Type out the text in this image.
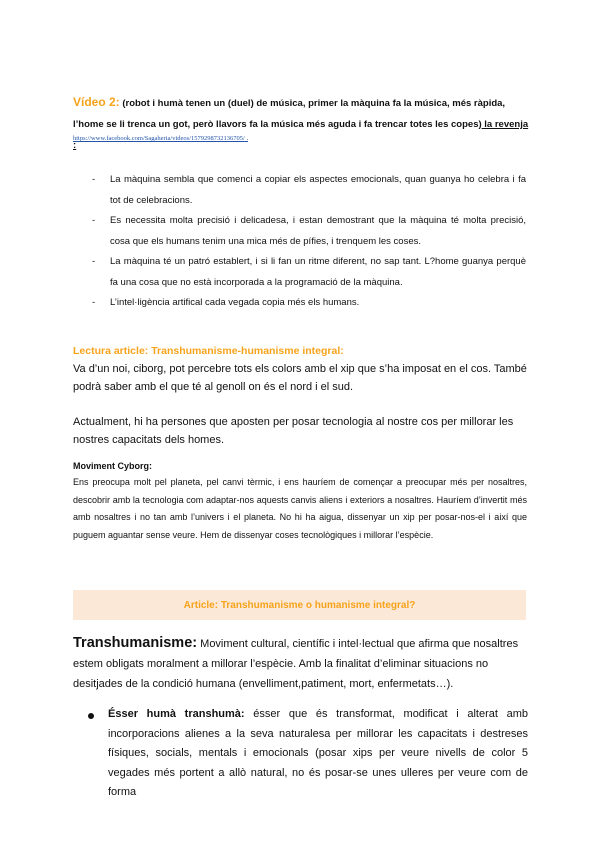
Vídeo 2: (robot i humà tenen un (duel) de música, primer la màquina fa la música, més ràpida, l’home se li trenca un got, però llavors fa la música més aguda i fa trencar totes les copes) la revenja :
https://www.facebook.com/Sagaheria/videos/1579298732136705/ .
- La màquina sembla que comenci a copiar els aspectes emocionals, quan guanya ho celebra i fa tot de celebracions.
- Es necessita molta precisió i delicadesa, i estan demostrant que la màquina té molta precisió, cosa que els humans tenim una mica més de pífies, i trenquem les coses.
- La màquina té un patró establert, i si li fan un ritme diferent, no sap tant. L?home guanya perquè fa una cosa que no està incorporada a la programació de la màquina.
- L’intel·ligència artifical cada vegada copia més els humans.
Lectura article: Transhumanisme-humanisme integral:
Va d’un noi, ciborg, pot percebre tots els colors amb el xip que s’ha imposat en el cos. També podrà saber amb el que té al genoll on és el nord i el sud.
Actualment, hi ha persones que aposten per posar tecnologia al nostre cos per millorar les nostres capacitats dels homes.
Moviment Cyborg:
Ens preocupa molt pel planeta, pel canvi tèrmic, i ens hauríem de començar a preocupar més per nosaltres, descobrir amb la tecnologia com adaptar-nos aquests canvis aliens i exteriors a nosaltres. Hauríem d’invertit més amb nosaltres i no tan amb l’univers i el planeta. No hi ha aigua, dissenyar un xip per posar-nos-el i així que puguem aguantar sense veure. Hem de dissenyar coses tecnològiques i millorar l’espècie.
Article: Transhumanisme o humanisme integral?
Transhumanisme: Moviment cultural, científic i intel·lectual que afirma que nosaltres estem obligats moralment a millorar l’espècie. Amb la finalitat d’eliminar situacions no desitjades de la condició humana (envelliment,patiment, mort, enfermetats…).
Ésser humà transhumà: ésser que és transformat, modificat i alterat amb incorporacions alienes a la seva naturalesa per millorar les capacitats i destreses físiques, socials, mentals i emocionals (posar xips per veure nivells de color 5 vegades més portent a allò natural, no és posar-se unes ulleres per veure com de forma
